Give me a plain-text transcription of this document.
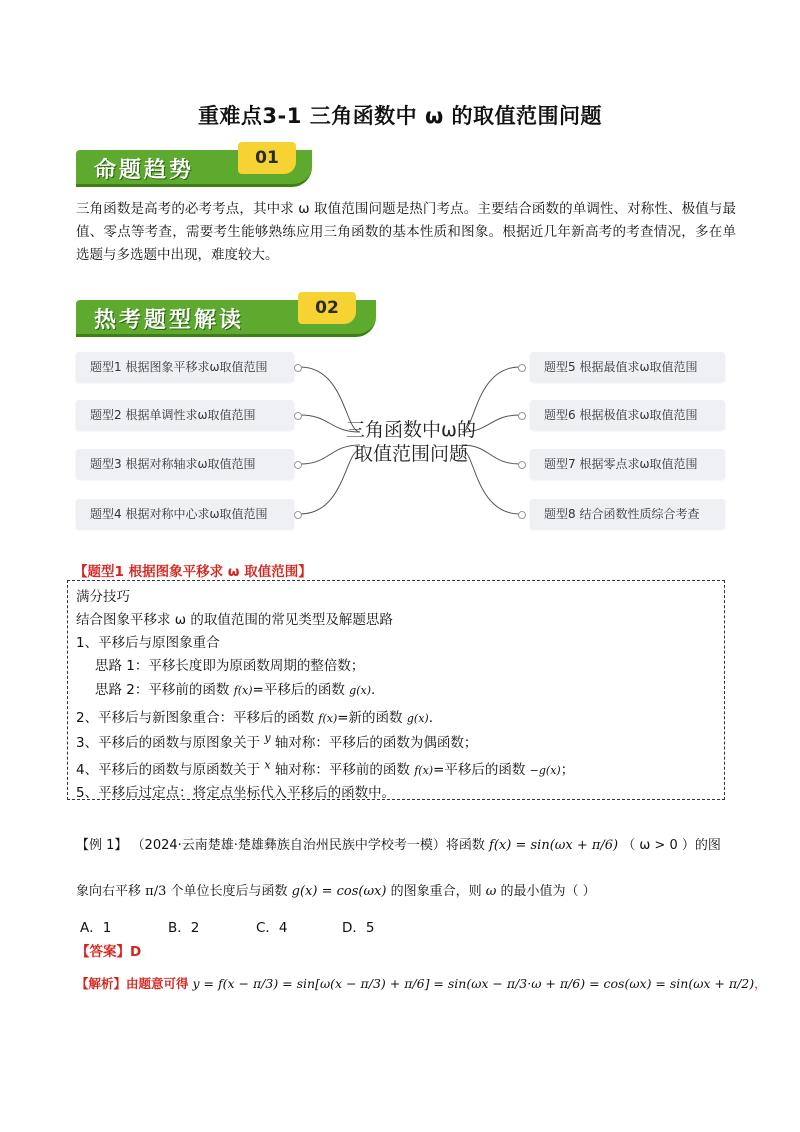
重难点3-1 三角函数中 ω 的取值范围问题
命题趋势	01
三角函数是高考的必考考点，其中求 ω 取值范围问题是热门考点。主要结合函数的单调性、对称性、极值与最值、零点等考查，需要考生能够熟练应用三角函数的基本性质和图象。根据近几年新高考的考查情况，多在单选题与多选题中出现，难度较大。
热考题型解读	02
题型1 根据图象平移求ω取值范围
题型2 根据单调性求ω取值范围
题型3 根据对称轴求ω取值范围
题型4 根据对称中心求ω取值范围
题型5 根据最值求ω取值范围
题型6 根据极值求ω取值范围
题型7 根据零点求ω取值范围
题型8 结合函数性质综合考查
三角函数中ω的
取值范围问题
【题型1 根据图象平移求 ω 取值范围】
满分技巧
结合图象平移求 ω 的取值范围的常见类型及解题思路
1、平移后与原图象重合
思路 1：平移长度即为原函数周期的整倍数；
思路 2：平移前的函数 f(x)=平移后的函数 g(x).
2、平移后与新图象重合：平移后的函数 f(x)=新的函数 g(x).
3、平移后的函数与原图象关于 $^y$ 轴对称：平移后的函数为偶函数；
4、平移后的函数与原函数关于 $^x$ 轴对称：平移前的函数 f(x)=平移后的函数 −g(x)；
5、平移后过定点：将定点坐标代入平移后的函数中。
【例 1】 （2024·云南楚雄·楚雄彝族自治州民族中学校考一模）将函数 f(x) = sin(ωx + π/6) （ ω > 0 ）的图
象向右平移 π/3 个单位长度后与函数 g(x) = cos(ωx) 的图象重合，则 ω 的最小值为（ ）
A．1	B．2	C．4	D．5
【答案】D
【解析】由题意可得 y = f(x − π/3) = sin[ω(x − π/3) + π/6] = sin(ωx − π/3·ω + π/6) = cos(ωx) = sin(ωx + π/2)，
